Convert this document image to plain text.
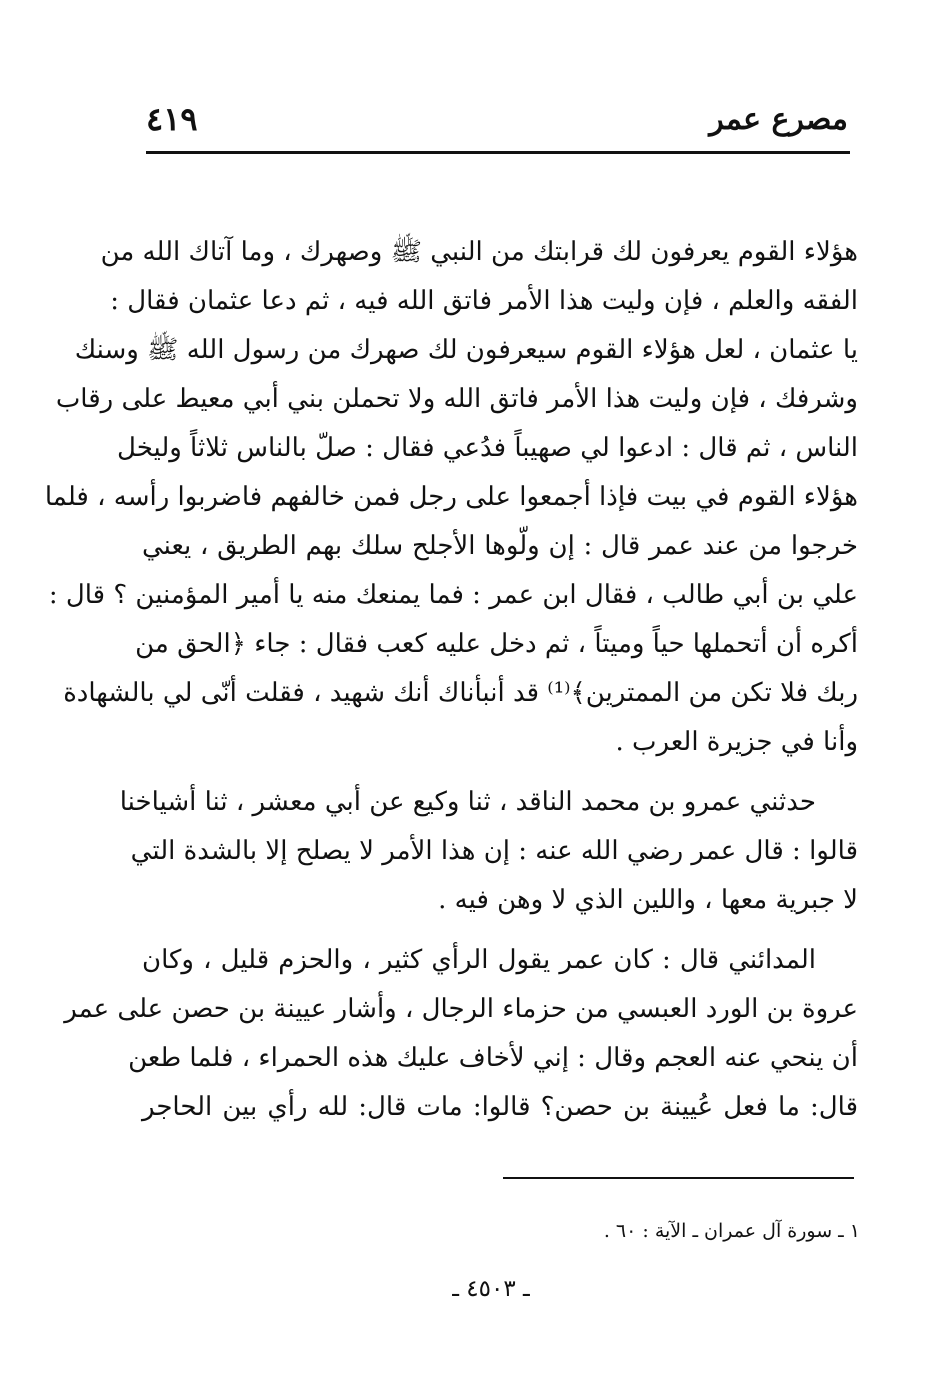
مصرع عمر
٤١٩
هؤلاء القوم يعرفون لك قرابتك من النبي ﷺ وصهرك ، وما آتاك الله من
الفقه والعلم ، فإن وليت هذا الأمر فاتق الله فيه ، ثم دعا عثمان فقال :
يا عثمان ، لعل هؤلاء القوم سيعرفون لك صهرك من رسول الله ﷺ وسنك
وشرفك ، فإن وليت هذا الأمر فاتق الله ولا تحملن بني أبي معيط على رقاب
الناس ، ثم قال : ادعوا لي صهيباً فدُعي فقال : صلّ بالناس ثلاثاً وليخل
هؤلاء القوم في بيت فإذا أجمعوا على رجل فمن خالفهم فاضربوا رأسه ، فلما
خرجوا من عند عمر قال : إن ولّوها الأجلح سلك بهم الطريق ، يعني
علي بن أبي طالب ، فقال ابن عمر : فما يمنعك منه يا أمير المؤمنين ؟ قال :
أكره أن أتحملها حياً وميتاً ، ثم دخل عليه كعب فقال : جاء ﴿الحق من
ربك فلا تكن من الممترين﴾⁽¹⁾ قد أنبأناك أنك شهيد ، فقلت أنّى لي بالشهادة
وأنا في جزيرة العرب .
حدثني عمرو بن محمد الناقد ، ثنا وكيع عن أبي معشر ، ثنا أشياخنا
قالوا : قال عمر رضي الله عنه : إن هذا الأمر لا يصلح إلا بالشدة التي
لا جبرية معها ، واللين الذي لا وهن فيه .
المدائني قال : كان عمر يقول الرأي كثير ، والحزم قليل ، وكان
عروة بن الورد العبسي من حزماء الرجال ، وأشار عيينة بن حصن على عمر
أن ينحي عنه العجم وقال : إني لأخاف عليك هذه الحمراء ، فلما طعن
قال: ما فعل عُيينة بن حصن؟ قالوا: مات قال: لله رأي بين الحاجر
١ ـ سورة آل عمران ـ الآية : ٦٠ .
ـ ٤٥٠٣ ـ
